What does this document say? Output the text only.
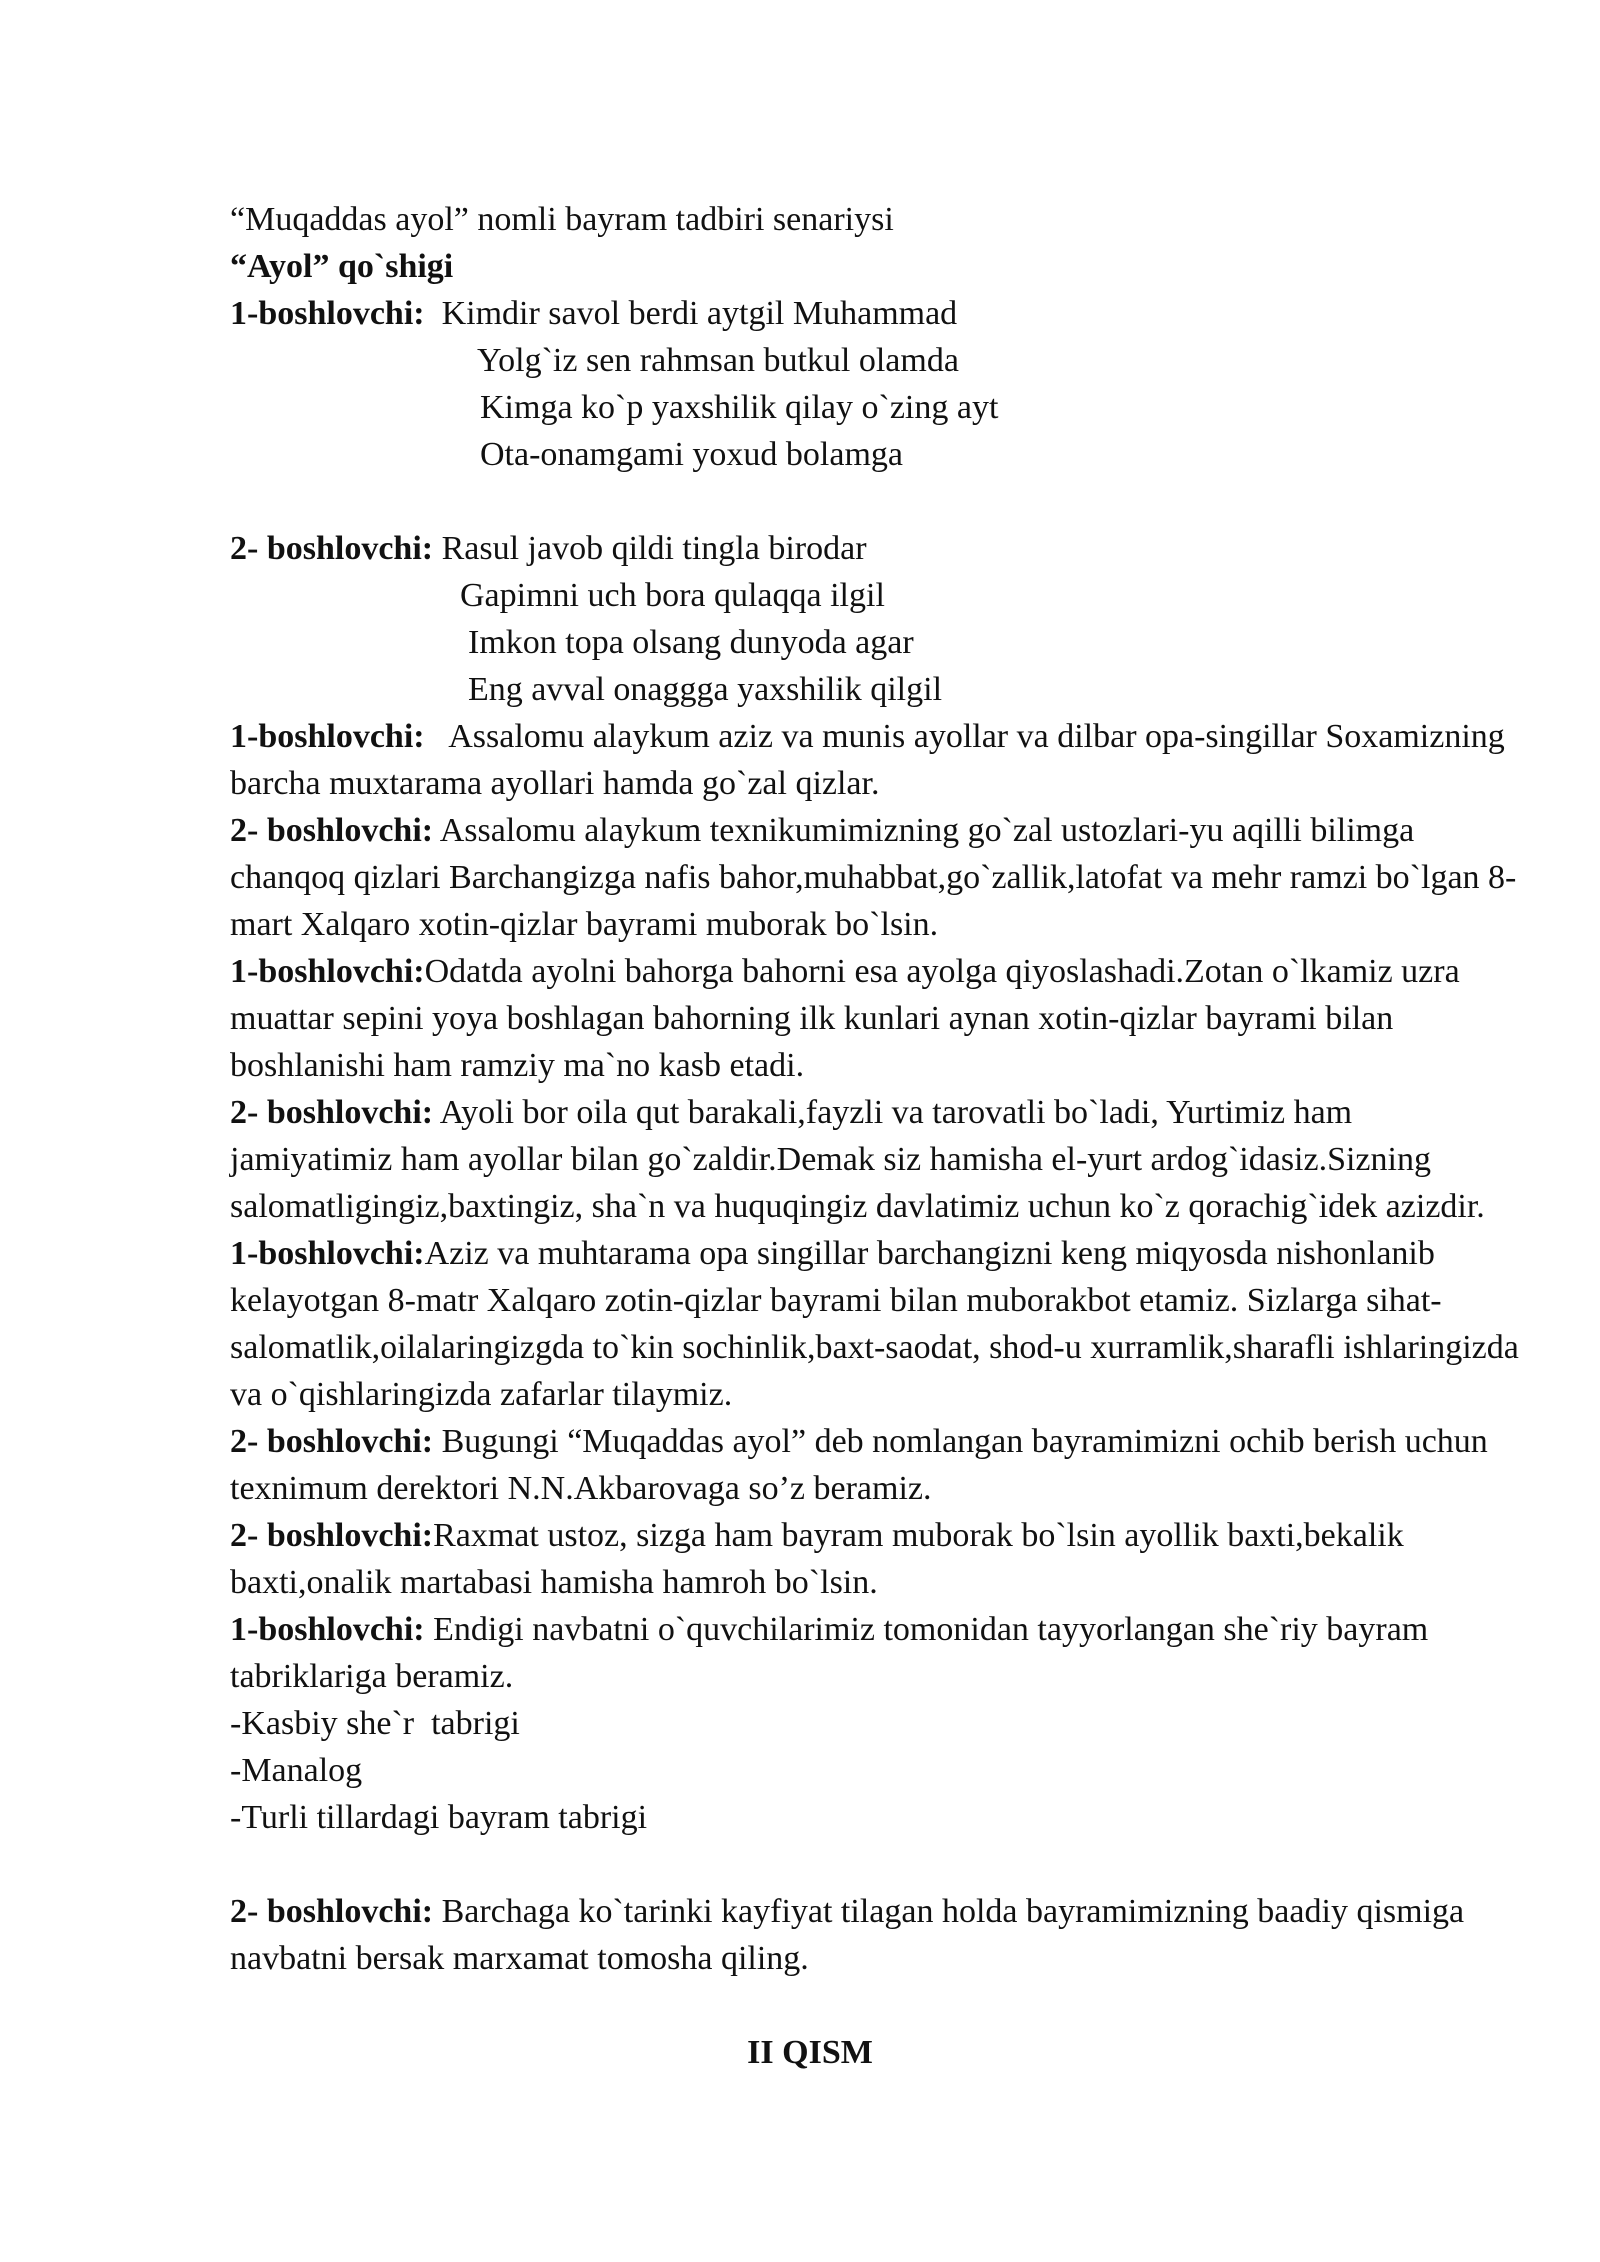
“Muqaddas ayol” nomli bayram tadbiri senariysi
“Ayol” qo`shigi
1-boshlovchi: Kimdir savol berdi aytgil Muhammad
Yolg`iz sen rahmsan butkul olamda
Kimga ko`p yaxshilik qilay o`zing ayt
Ota-onamgami yoxud bolamga
2- boshlovchi: Rasul javob qildi tingla birodar
Gapimni uch bora qulaqqa ilgil
Imkon topa olsang dunyoda agar
Eng avval onaggga yaxshilik qilgil

1-boshlovchi: Assalomu alaykum aziz va munis ayollar va dilbar opa-singillar Soxamizning barcha muxtarama ayollari hamda go`zal qizlar.

2- boshlovchi: Assalomu alaykum texnikumimizning go`zal ustozlari-yu aqilli bilimga chanqoq qizlari Barchangizga nafis bahor,muhabbat,go`zallik,latofat va mehr ramzi bo`lgan 8-mart Xalqaro xotin-qizlar bayrami muborak bo`lsin.

1-boshlovchi:Odatda ayolni bahorga bahorni esa ayolga qiyoslashadi.Zotan o`lkamiz uzra muattar sepini yoya boshlagan bahorning ilk kunlari aynan xotin-qizlar bayrami bilan boshlanishi ham ramziy ma`no kasb etadi.

2- boshlovchi: Ayoli bor oila qut barakali,fayzli va tarovatli bo`ladi, Yurtimiz ham jamiyatimiz ham ayollar bilan go`zaldir.Demak siz hamisha el-yurt ardog`idasiz.Sizning salomatligingiz,baxtingiz, sha`n va huquqingiz davlatimiz uchun ko`z qorachig`idek azizdir.

1-boshlovchi:Aziz va muhtarama opa singillar barchangizni keng miqyosda nishonlanib kelayotgan 8-matr Xalqaro zotin-qizlar bayrami bilan muborakbot etamiz. Sizlarga sihat-salomatlik,oilalaringizgda to`kin sochinlik,baxt-saodat, shod-u xurramlik,sharafli ishlaringizda va o`qishlaringizda zafarlar tilaymiz.

2- boshlovchi: Bugungi “Muqaddas ayol” deb nomlangan bayramimizni ochib berish uchun texnimum derektori N.N.Akbarovaga so’z beramiz.

2- boshlovchi:Raxmat ustoz, sizga ham bayram muborak bo`lsin ayollik baxti,bekalik baxti,onalik martabasi hamisha hamroh bo`lsin.

1-boshlovchi: Endigi navbatni o`quvchilarimiz tomonidan tayyorlangan she`riy bayram tabriklariga beramiz.

-Kasbiy she`r  tabrigi
-Manalog
-Turli tillardagi bayram tabrigi

2- boshlovchi: Barchaga ko`tarinki kayfiyat tilagan holda bayramimizning baadiy qismiga navbatni bersak marxamat tomosha qiling.

II QISM
